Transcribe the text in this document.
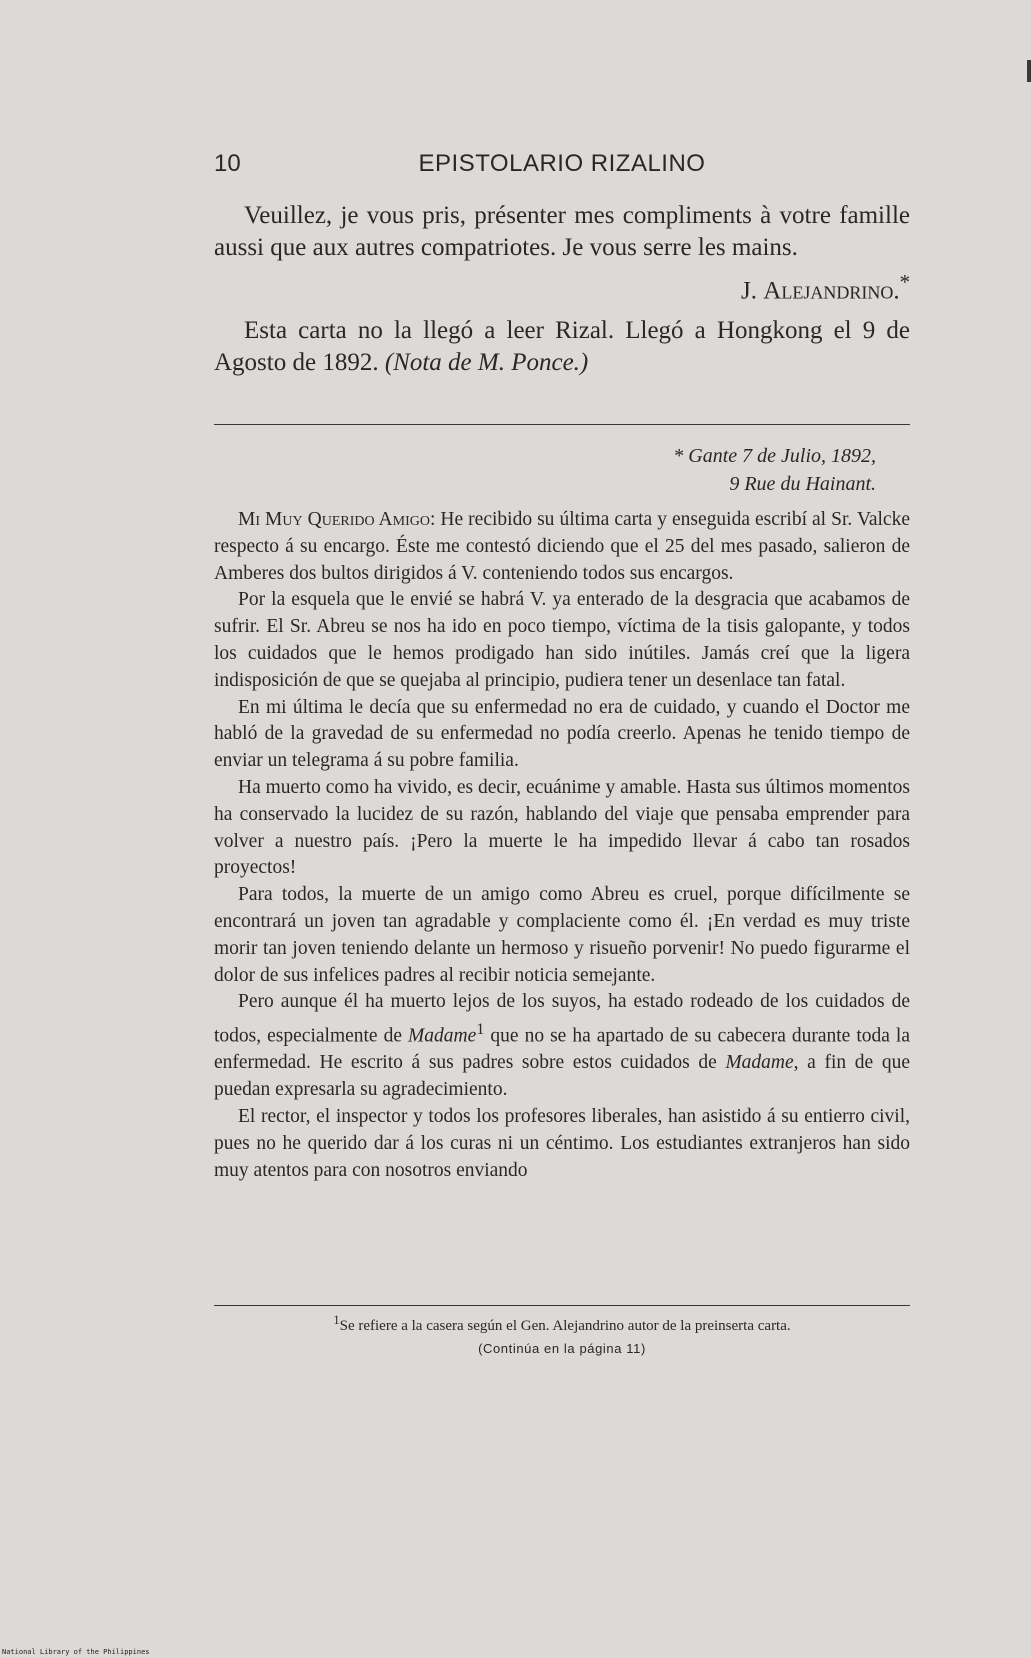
10	EPISTOLARIO RIZALINO

Veuillez, je vous pris, présenter mes compliments à votre famille aussi que aux autres compatriotes. Je vous serre les mains.

J. Alejandrino.*

Esta carta no la llegó a leer Rizal. Llegó a Hongkong el 9 de Agosto de 1892. (Nota de M. Ponce.)

* Gante 7 de Julio, 1892,
9 Rue du Hainant.

Mi Muy Querido Amigo: He recibido su última carta y enseguida escribí al Sr. Valcke respecto á su encargo. Éste me contestó diciendo que el 25 del mes pasado, salieron de Amberes dos bultos dirigidos á V. conteniendo todos sus encargos.

Por la esquela que le envié se habrá V. ya enterado de la desgracia que acabamos de sufrir. El Sr. Abreu se nos ha ido en poco tiempo, víctima de la tisis galopante, y todos los cuidados que le hemos prodigado han sido inútiles. Jamás creí que la ligera indisposición de que se quejaba al principio, pudiera tener un desenlace tan fatal.

En mi última le decía que su enfermedad no era de cuidado, y cuando el Doctor me habló de la gravedad de su enfermedad no podía creerlo. Apenas he tenido tiempo de enviar un telegrama á su pobre familia.

Ha muerto como ha vivido, es decir, ecuánime y amable. Hasta sus últimos momentos ha conservado la lucidez de su razón, hablando del viaje que pensaba emprender para volver a nuestro país. ¡Pero la muerte le ha impedido llevar á cabo tan rosados proyectos!

Para todos, la muerte de un amigo como Abreu es cruel, porque difícilmente se encontrará un joven tan agradable y complaciente como él. ¡En verdad es muy triste morir tan joven teniendo delante un hermoso y risueño porvenir! No puedo figurarme el dolor de sus infelices padres al recibir noticia semejante.

Pero aunque él ha muerto lejos de los suyos, ha estado rodeado de los cuidados de todos, especialmente de Madame$^1$ que no se ha apartado de su cabecera durante toda la enfermedad. He escrito á sus padres sobre estos cuidados de Madame, a fin de que puedan expresarla su agradecimiento.

El rector, el inspector y todos los profesores liberales, han asistido á su entierro civil, pues no he querido dar á los curas ni un céntimo. Los estudiantes extranjeros han sido muy atentos para con nosotros enviando

$^1$Se refiere a la casera según el Gen. Alejandrino autor de la preinserta carta.
(Continúa en la página 11)
National Library of the Philippines
